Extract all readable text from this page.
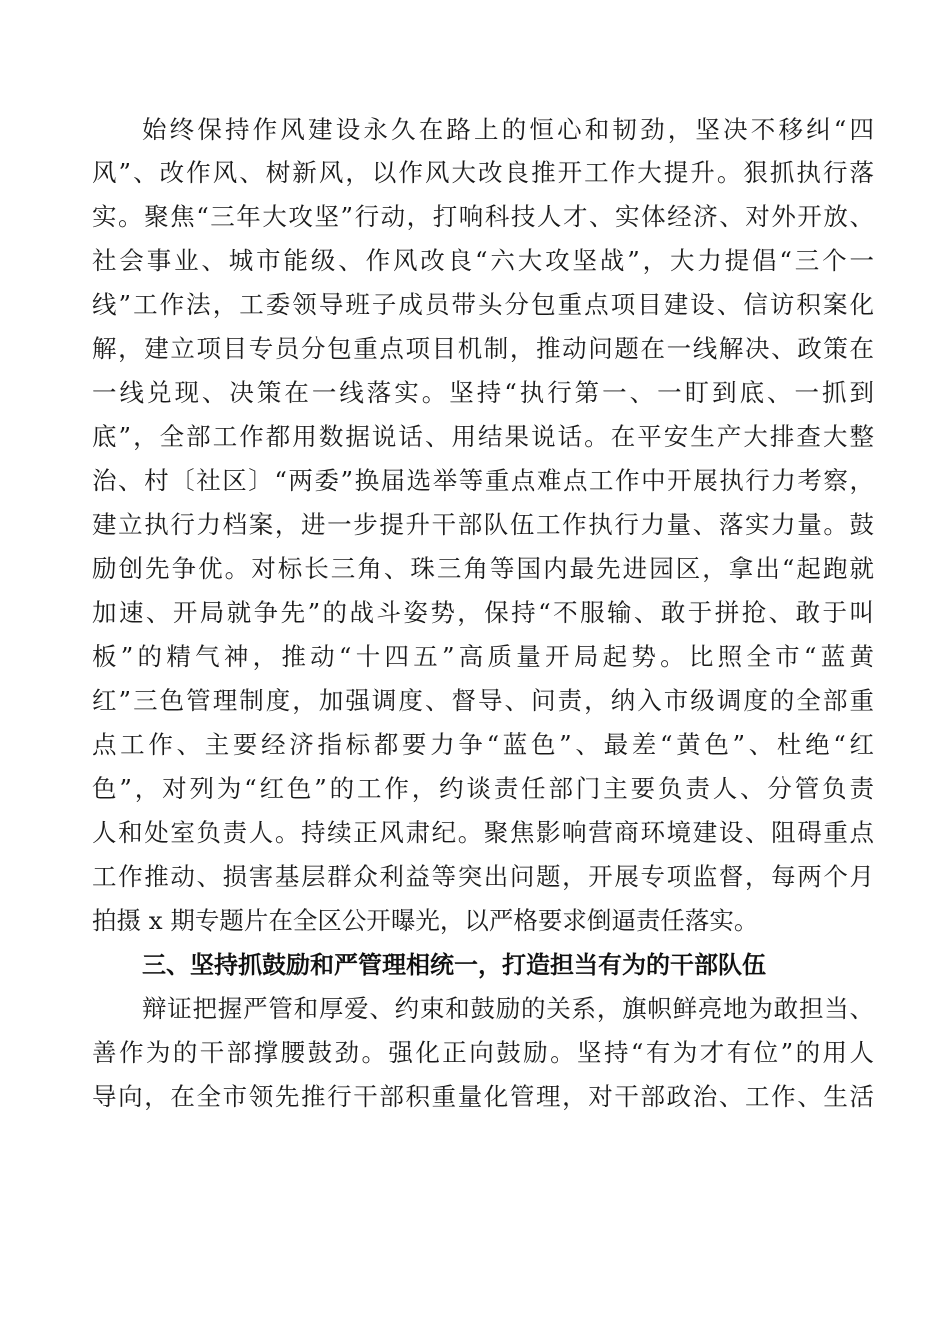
始终保持作风建设永久在路上的恒心和韧劲，坚决不移纠“四
风”、改作风、树新风，以作风大改良推开工作大提升。狠抓执行落
实。聚焦“三年大攻坚”行动，打响科技人才、实体经济、对外开放、
社会事业、城市能级、作风改良“六大攻坚战”，大力提倡“三个一
线”工作法，工委领导班子成员带头分包重点项目建设、信访积案化
解，建立项目专员分包重点项目机制，推动问题在一线解决、政策在
一线兑现、决策在一线落实。坚持“执行第一、一盯到底、一抓到
底”，全部工作都用数据说话、用结果说话。在平安生产大排查大整
治、村〔社区〕“两委”换届选举等重点难点工作中开展执行力考察，
建立执行力档案，进一步提升干部队伍工作执行力量、落实力量。鼓
励创先争优。对标长三角、珠三角等国内最先进园区，拿出“起跑就
加速、开局就争先”的战斗姿势，保持“不服输、敢于拼抢、敢于叫
板”的精气神，推动“十四五”高质量开局起势。比照全市“蓝黄
红”三色管理制度，加强调度、督导、问责，纳入市级调度的全部重
点工作、主要经济指标都要力争“蓝色”、最差“黄色”、杜绝“红
色”，对列为“红色”的工作，约谈责任部门主要负责人、分管负责
人和处室负责人。持续正风肃纪。聚焦影响营商环境建设、阻碍重点
工作推动、损害基层群众利益等突出问题，开展专项监督，每两个月
拍摄 x 期专题片在全区公开曝光，以严格要求倒逼责任落实。
三、坚持抓鼓励和严管理相统一，打造担当有为的干部队伍
辩证把握严管和厚爱、约束和鼓励的关系，旗帜鲜亮地为敢担当、
善作为的干部撑腰鼓劲。强化正向鼓励。坚持“有为才有位”的用人
导向，在全市领先推行干部积重量化管理，对干部政治、工作、生活
